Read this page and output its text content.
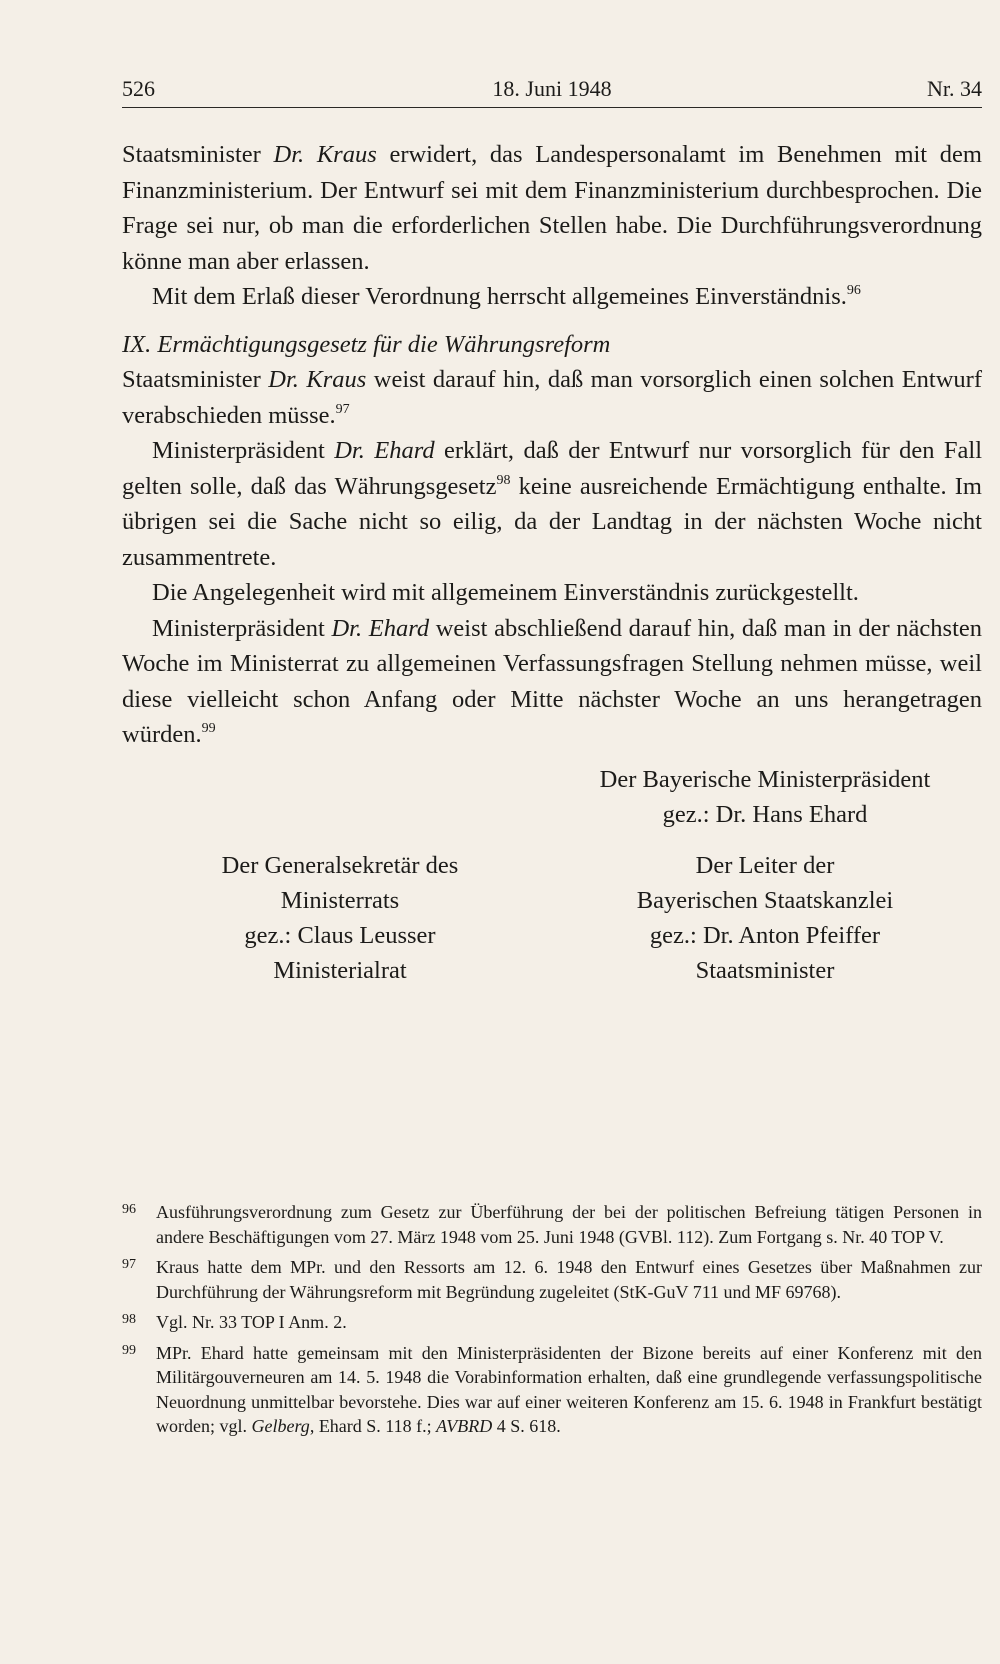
526	18. Juni 1948	Nr. 34

Staatsminister Dr. Kraus erwidert, das Landespersonalamt im Benehmen mit dem Finanzministerium. Der Entwurf sei mit dem Finanzministerium durchbesprochen. Die Frage sei nur, ob man die erforderlichen Stellen habe. Die Durchführungsverordnung könne man aber erlassen.

Mit dem Erlaß dieser Verordnung herrscht allgemeines Einverständnis.$^{96}$

IX. Ermächtigungsgesetz für die Währungsreform

Staatsminister Dr. Kraus weist darauf hin, daß man vorsorglich einen solchen Entwurf verabschieden müsse.$^{97}$

Ministerpräsident Dr. Ehard erklärt, daß der Entwurf nur vorsorglich für den Fall gelten solle, daß das Währungsgesetz$^{98}$ keine ausreichende Ermächtigung enthalte. Im übrigen sei die Sache nicht so eilig, da der Landtag in der nächsten Woche nicht zusammentrete.

Die Angelegenheit wird mit allgemeinem Einverständnis zurückgestellt.

Ministerpräsident Dr. Ehard weist abschließend darauf hin, daß man in der nächsten Woche im Ministerrat zu allgemeinen Verfassungsfragen Stellung nehmen müsse, weil diese vielleicht schon Anfang oder Mitte nächster Woche an uns herangetragen würden.$^{99}$

Der Bayerische Ministerpräsident
gez.: Dr. Hans Ehard
Der Generalsekretär des
Ministerrats
gez.: Claus Leusser
Ministerialrat
Der Leiter der
Bayerischen Staatskanzlei
gez.: Dr. Anton Pfeiffer
Staatsminister
96 Ausführungsverordnung zum Gesetz zur Überführung der bei der politischen Befreiung tätigen Personen in andere Beschäftigungen vom 27. März 1948 vom 25. Juni 1948 (GVBl. 112). Zum Fortgang s. Nr. 40 TOP V.
97 Kraus hatte dem MPr. und den Ressorts am 12. 6. 1948 den Entwurf eines Gesetzes über Maßnahmen zur Durchführung der Währungsreform mit Begründung zugeleitet (StK-GuV 711 und MF 69768).
98 Vgl. Nr. 33 TOP I Anm. 2.
99 MPr. Ehard hatte gemeinsam mit den Ministerpräsidenten der Bizone bereits auf einer Konferenz mit den Militärgouverneuren am 14. 5. 1948 die Vorabinformation erhalten, daß eine grundlegende verfassungspolitische Neuordnung unmittelbar bevorstehe. Dies war auf einer weiteren Konferenz am 15. 6. 1948 in Frankfurt bestätigt worden; vgl. Gelberg, Ehard S. 118 f.; AVBRD 4 S. 618.
